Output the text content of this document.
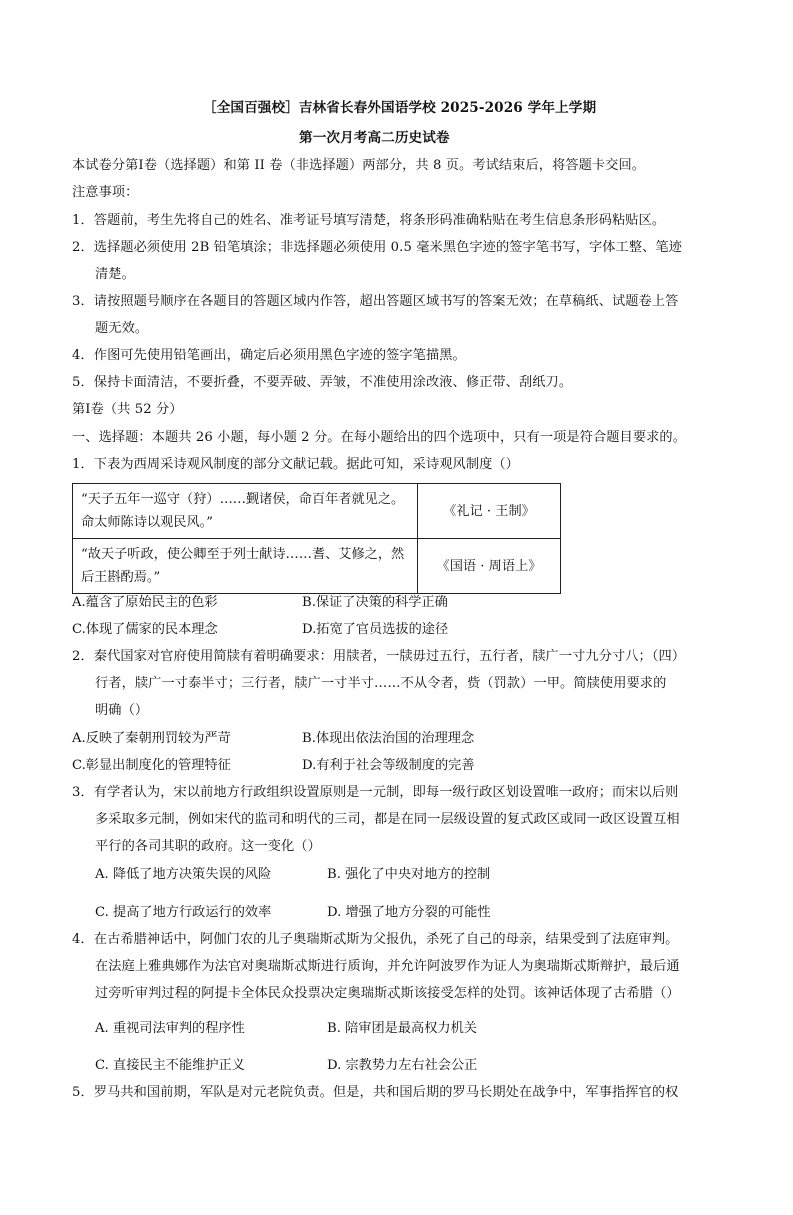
［全国百强校］吉林省长春外国语学校 2025-2026 学年上学期
第一次月考高二历史试卷
本试卷分第Ⅰ卷（选择题）和第 II 卷（非选择题）两部分，共 8 页。考试结束后，将答题卡交回。
注意事项：
1．答题前，考生先将自己的姓名、准考证号填写清楚，将条形码准确粘贴在考生信息条形码粘贴区。
2．选择题必须使用 2B 铅笔填涂；非选择题必须使用 0.5 毫米黑色字迹的签字笔书写，字体工整、笔迹
清楚。
3．请按照题号顺序在各题目的答题区域内作答，超出答题区域书写的答案无效；在草稿纸、试题卷上答
题无效。
4．作图可先使用铅笔画出，确定后必须用黑色字迹的签字笔描黑。
5．保持卡面清洁，不要折叠，不要弄破、弄皱，不准使用涂改液、修正带、刮纸刀。
第Ⅰ卷（共 52 分）
一、选择题：本题共 26 小题，每小题 2 分。在每小题给出的四个选项中，只有一项是符合题目要求的。
1．下表为西周采诗观风制度的部分文献记载。据此可知，采诗观风制度（）
“天子五年一巡守（狩）……觐诸侯，命百年者就见之。命太师陈诗以观民风。”	《礼记 · 王制》
“故天子听政，使公卿至于列士献诗……耆、艾修之，然后王斟酌焉。”	《国语 · 周语上》
A.蕴含了原始民主的色彩	B.保证了决策的科学正确
C.体现了儒家的民本理念	D.拓宽了官员选拔的途径
2．秦代国家对官府使用简牍有着明确要求：用牍者，一牍毋过五行，五行者，牍广一寸九分寸八；（四）
行者，牍广一寸泰半寸；三行者，牍广一寸半寸……不从令者，赀（罚款）一甲。简牍使用要求的
明确（）
A.反映了秦朝刑罚较为严苛	B.体现出依法治国的治理理念
C.彰显出制度化的管理特征	D.有利于社会等级制度的完善
3．有学者认为，宋以前地方行政组织设置原则是一元制，即每一级行政区划设置唯一政府；而宋以后则
多采取多元制，例如宋代的监司和明代的三司，都是在同一层级设置的复式政区或同一政区设置互相
平行的各司其职的政府。这一变化（）
A. 降低了地方决策失误的风险	B. 强化了中央对地方的控制
C. 提高了地方行政运行的效率	D. 增强了地方分裂的可能性
4．在古希腊神话中，阿伽门农的儿子奥瑞斯忒斯为父报仇，杀死了自己的母亲，结果受到了法庭审判。
在法庭上雅典娜作为法官对奥瑞斯忒斯进行质询，并允许阿波罗作为证人为奥瑞斯忒斯辩护，最后通
过旁听审判过程的阿提卡全体民众投票决定奥瑞斯忒斯该接受怎样的处罚。该神话体现了古希腊（）
A. 重视司法审判的程序性	B. 陪审团是最高权力机关
C. 直接民主不能维护正义	D. 宗教势力左右社会公正
5．罗马共和国前期，军队是对元老院负责。但是，共和国后期的罗马长期处在战争中，军事指挥官的权
